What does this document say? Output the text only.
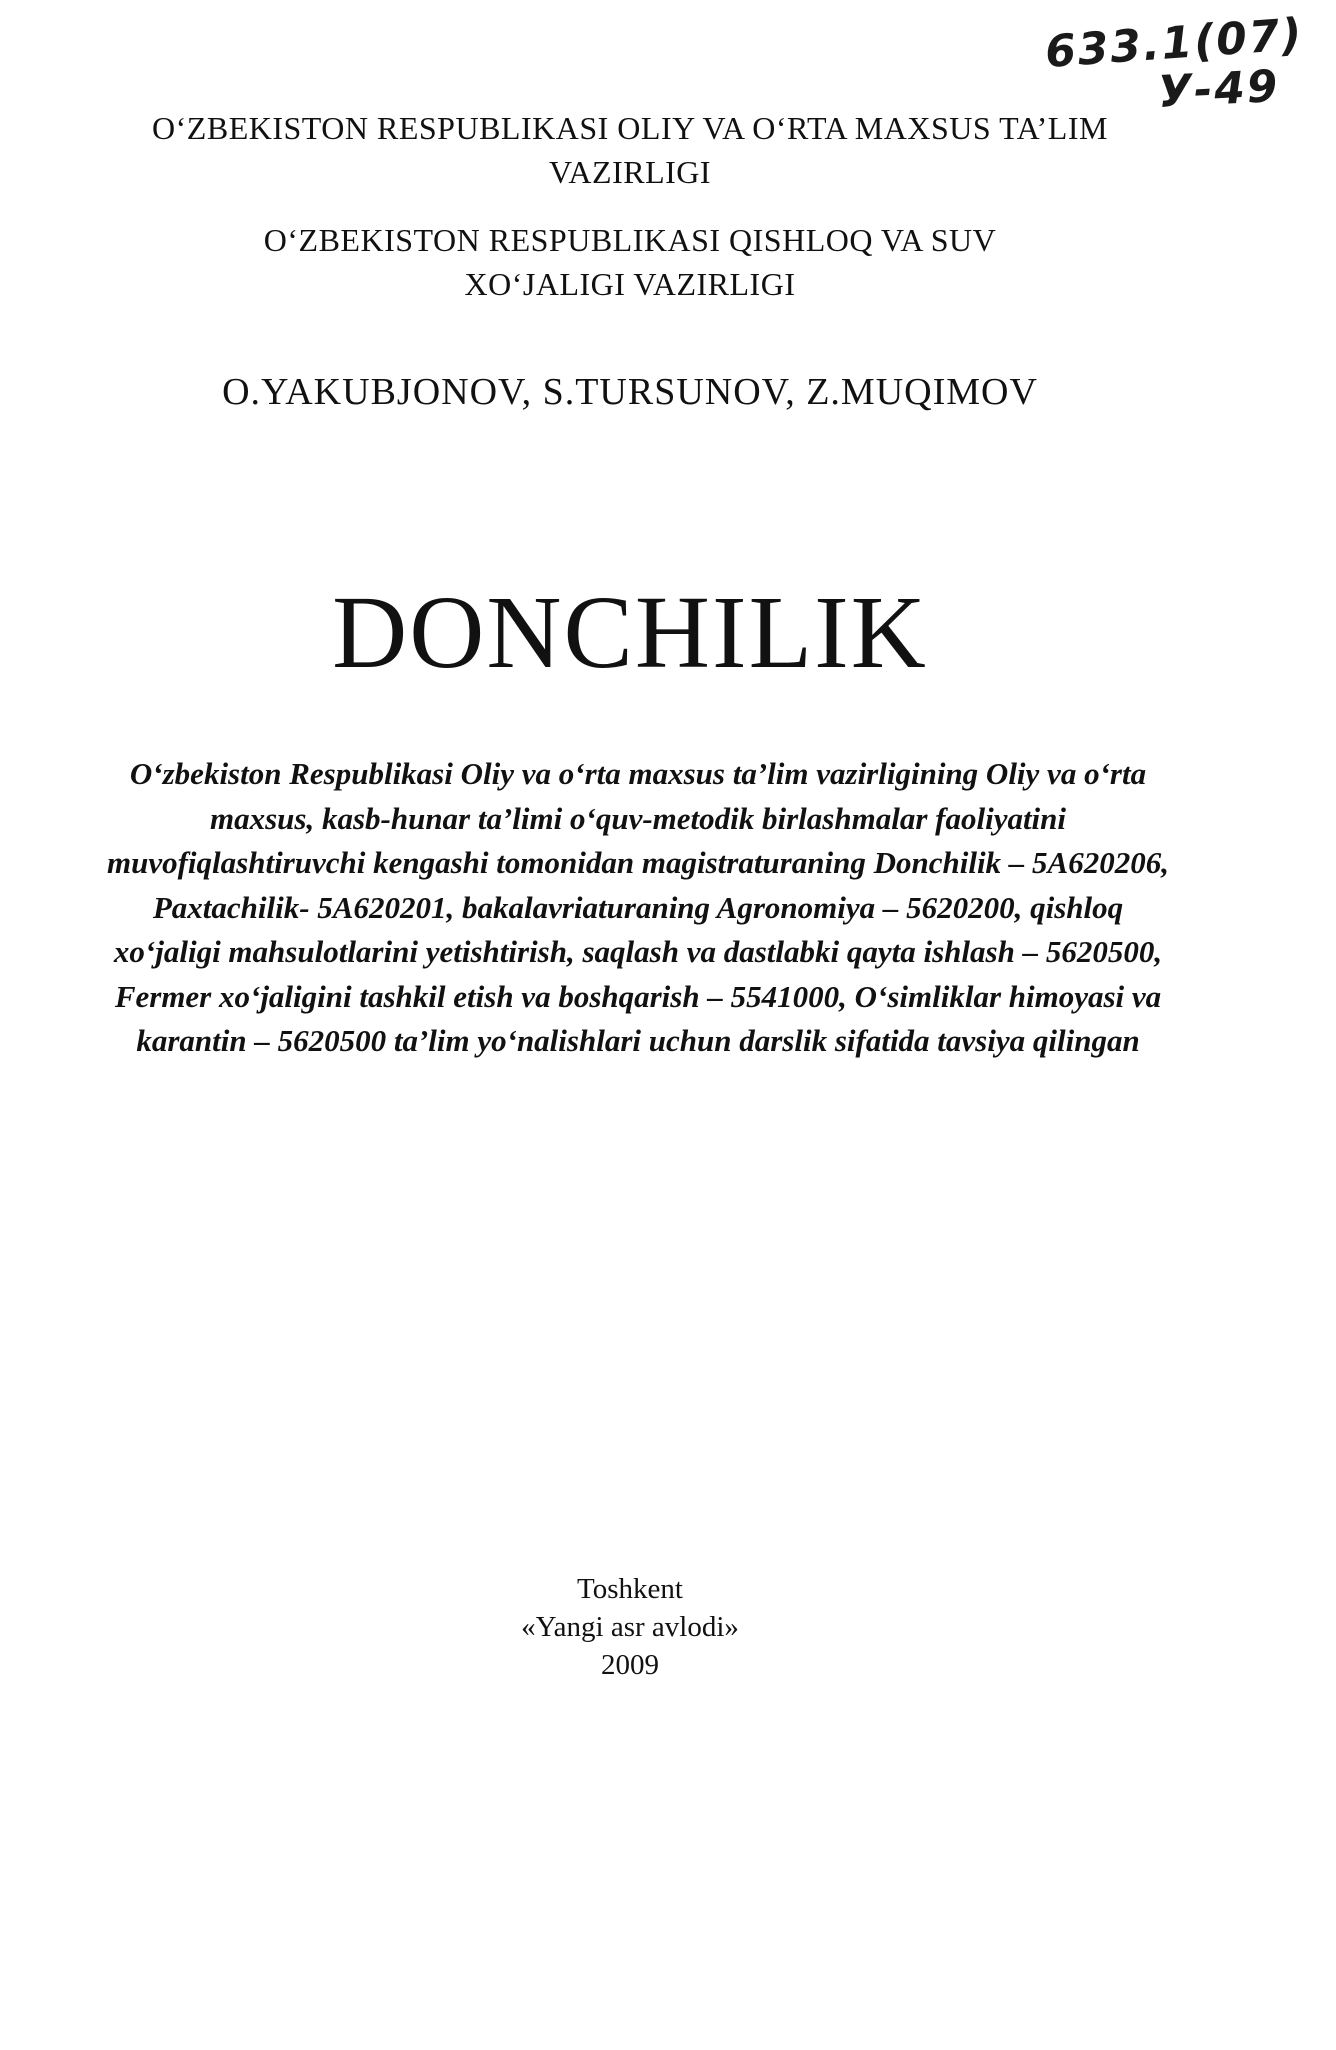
633.1(07)
У-49
O‘ZBEKISTON RESPUBLIKASI OLIY VA O‘RTA MAXSUS TA’LIM VAZIRLIGI
O‘ZBEKISTON RESPUBLIKASI QISHLOQ VA SUV XO‘JALIGI VAZIRLIGI
O.YAKUBJONOV, S.TURSUNOV, Z.MUQIMOV
DONCHILIK
O‘zbekiston Respublikasi Oliy va o‘rta maxsus ta’lim vazirligining Oliy va o‘rta maxsus, kasb-hunar ta’limi o‘quv-metodik birlashmalar faoliyatini muvofiqlashtiruvchi kengashi tomonidan magistraturaning Donchilik – 5A620206, Paxtachilik- 5A620201, bakalavriaturaning Agronomiya – 5620200, qishloq xo‘jaligi mahsulotlarini yetishtirish, saqlash va dastlabki qayta ishlash – 5620500, Fermer xo‘jaligini tashkil etish va boshqarish – 5541000, O‘simliklar himoyasi va karantin – 5620500 ta’lim yo‘nalishlari uchun darslik sifatida tavsiya qilingan
Toshkent
«Yangi asr avlodi»
2009
